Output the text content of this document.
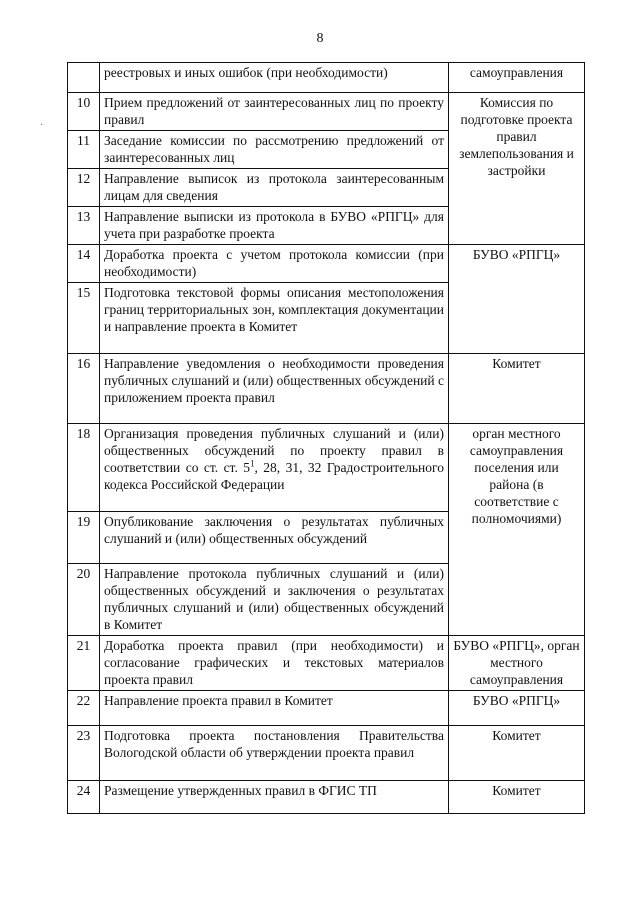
8
·
	реестровых и иных ошибок (при необходимости)	самоуправления
10	Прием предложений от заинтересованных лиц по проекту правил	Комиссия по подготовке проекта правил землепользования и застройки
11	Заседание комиссии по рассмотрению предложений от заинтересованных лиц	
12	Направление выписок из протокола заинтересованным лицам для сведения	
13	Направление выписки из протокола в БУВО «РПГЦ» для учета при разработке проекта	
14	Доработка проекта с учетом протокола комиссии (при необходимости)	БУВО «РПГЦ»
15	Подготовка текстовой формы описания местоположения границ территориальных зон, комплектация документации и направление проекта в Комитет	
16	Направление уведомления о необходимости проведения публичных слушаний и (или) общественных обсуждений с приложением проекта правил	Комитет
18	Организация проведения публичных слушаний и (или) общественных обсуждений по проекту правил в соответствии со ст. ст. $5^1$, 28, 31, 32 Градостроительного кодекса Российской Федерации	орган местного самоуправления поселения или района (в соответствие с полномочиями)
19	Опубликование заключения о результатах публичных слушаний и (или) общественных обсуждений	
20	Направление протокола публичных слушаний и (или) общественных обсуждений и заключения о результатах публичных слушаний и (или) общественных обсуждений в Комитет	
21	Доработка проекта правил (при необходимости) и согласование графических и текстовых материалов проекта правил	БУВО «РПГЦ», орган местного самоуправления
22	Направление проекта правил в Комитет	БУВО «РПГЦ»
23	Подготовка проекта постановления Правительства Вологодской области об утверждении проекта правил	Комитет
24	Размещение утвержденных правил в ФГИС ТП	Комитет
